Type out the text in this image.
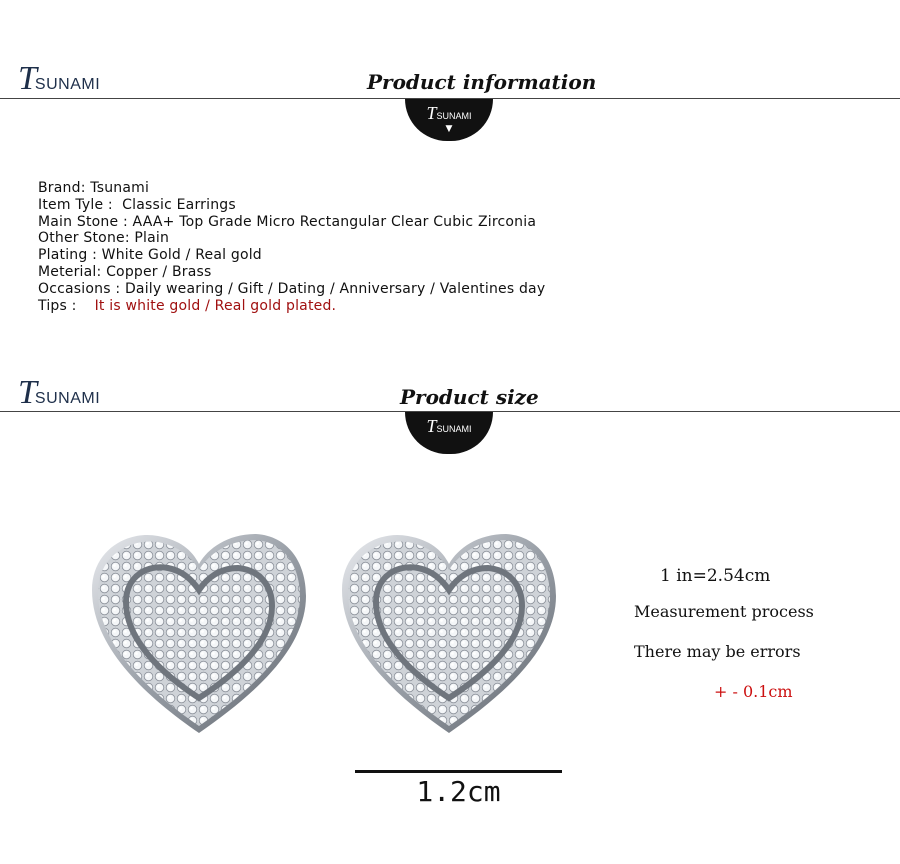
TSUNAMI	Product information
TSUNAMI
▼
Brand: Tsunami
Item Tyle :  Classic Earrings
Main Stone : AAA+ Top Grade Micro Rectangular Clear Cubic Zirconia
Other Stone: Plain
Plating : White Gold / Real gold
Meterial: Copper / Brass
Occasions : Daily wearing / Gift / Dating / Anniversary / Valentines day
Tips : It is white gold / Real gold plated.
TSUNAMI	Product size
TSUNAMI
1 in=2.54cm
Measurement process
There may be errors
+ - 0.1cm
1.2cm
